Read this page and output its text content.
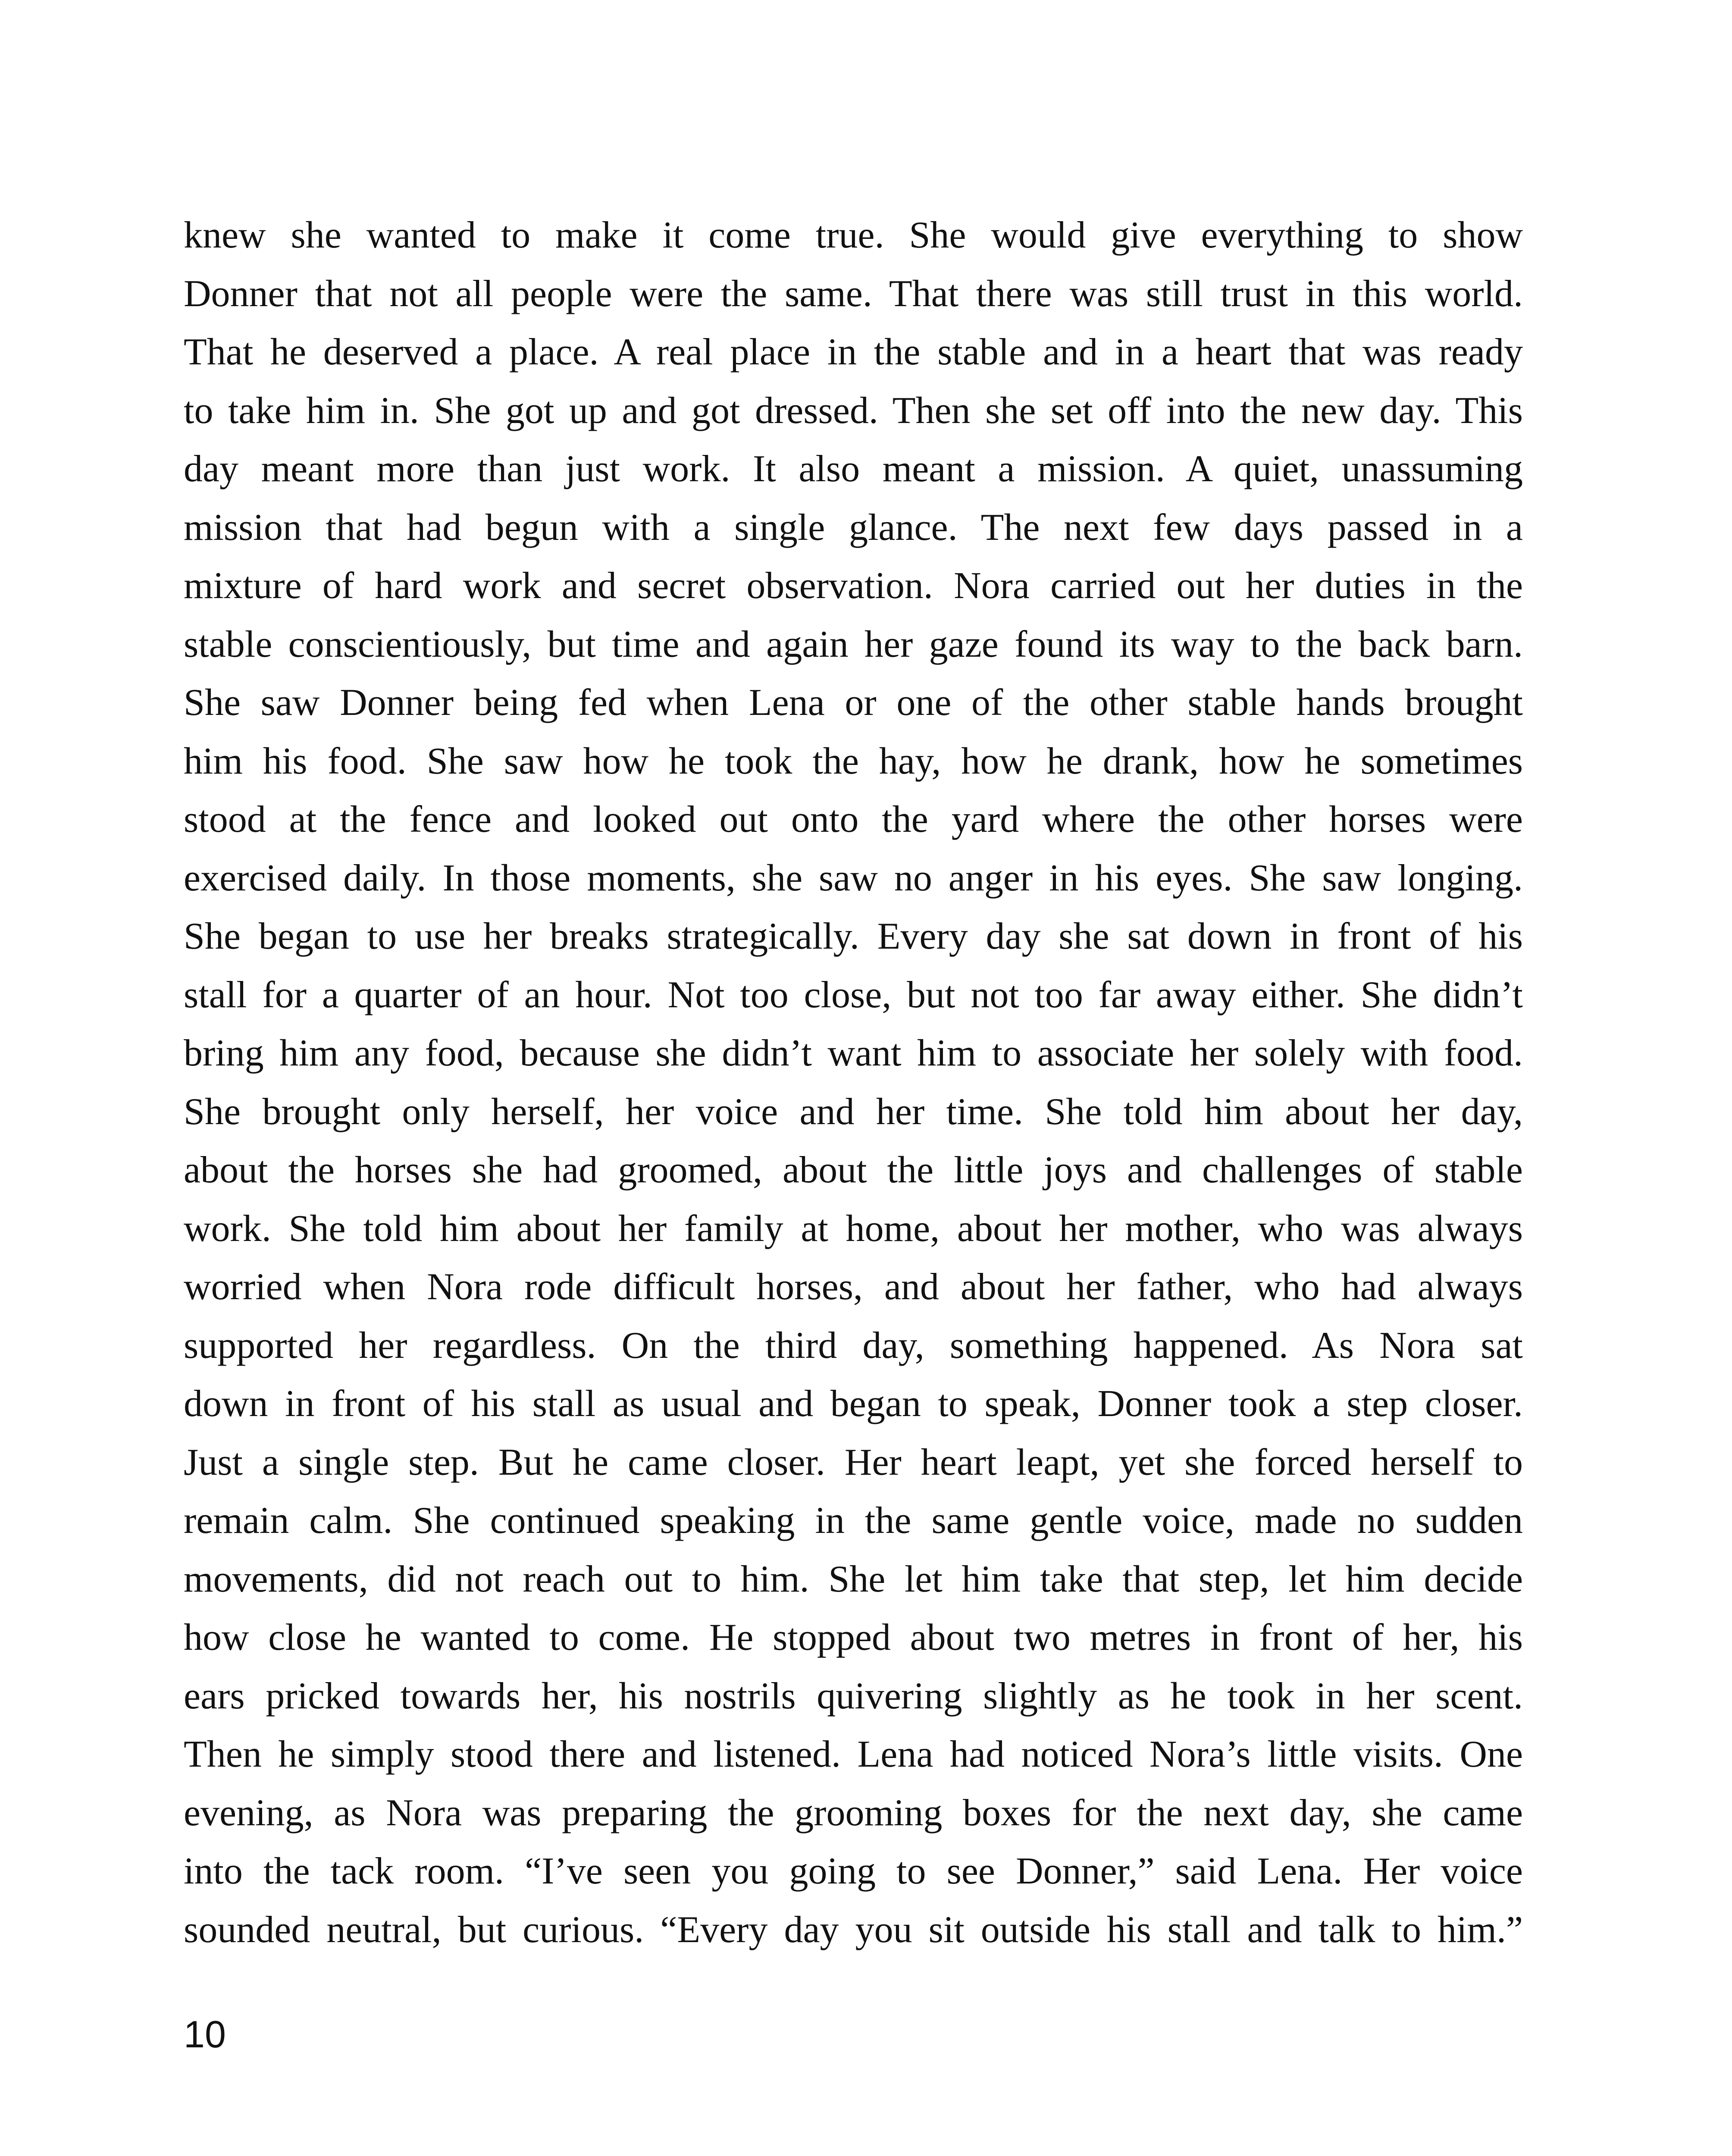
knew she wanted to make it come true. She would give everything to show
Donner that not all people were the same. That there was still trust in this world.
That he deserved a place. A real place in the stable and in a heart that was ready
to take him in. She got up and got dressed. Then she set off into the new day. This
day meant more than just work. It also meant a mission. A quiet, unassuming
mission that had begun with a single glance. The next few days passed in a
mixture of hard work and secret observation. Nora carried out her duties in the
stable conscientiously, but time and again her gaze found its way to the back barn.
She saw Donner being fed when Lena or one of the other stable hands brought
him his food. She saw how he took the hay, how he drank, how he sometimes
stood at the fence and looked out onto the yard where the other horses were
exercised daily. In those moments, she saw no anger in his eyes. She saw longing.
She began to use her breaks strategically. Every day she sat down in front of his
stall for a quarter of an hour. Not too close, but not too far away either. She didn’t
bring him any food, because she didn’t want him to associate her solely with food.
She brought only herself, her voice and her time. She told him about her day,
about the horses she had groomed, about the little joys and challenges of stable
work. She told him about her family at home, about her mother, who was always
worried when Nora rode difficult horses, and about her father, who had always
supported her regardless. On the third day, something happened. As Nora sat
down in front of his stall as usual and began to speak, Donner took a step closer.
Just a single step. But he came closer. Her heart leapt, yet she forced herself to
remain calm. She continued speaking in the same gentle voice, made no sudden
movements, did not reach out to him. She let him take that step, let him decide
how close he wanted to come. He stopped about two metres in front of her, his
ears pricked towards her, his nostrils quivering slightly as he took in her scent.
Then he simply stood there and listened. Lena had noticed Nora’s little visits. One
evening, as Nora was preparing the grooming boxes for the next day, she came
into the tack room. “I’ve seen you going to see Donner,” said Lena. Her voice
sounded neutral, but curious. “Every day you sit outside his stall and talk to him.”
10
